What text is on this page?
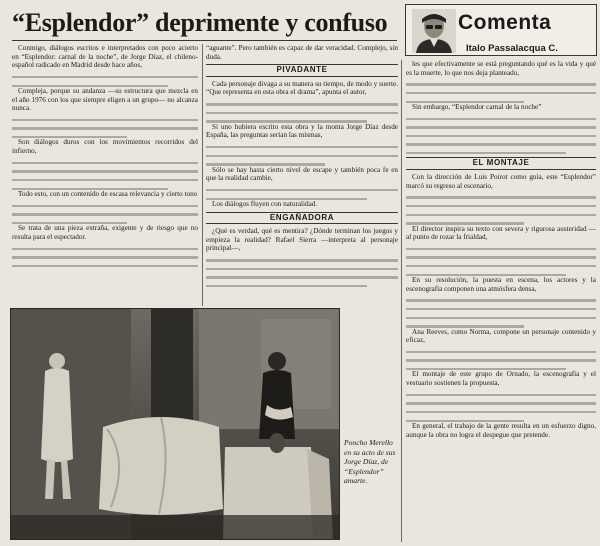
“Esplendor” deprimente y confuso	Comenta
Italo Passalacqua C.

Conmigo, diálogos escritos e interpretados con poco acierto en “Esplendor: carnal de la noche”, de Jorge Díaz, el chileno-español radicado en Madrid desde hace años,

Compleja, porque su andanza —su estructura que mezcla en el año 1976 con los que siempre eligen a un grupo— no alcanza nunca.

Son diálogos duros con los movimientos recorridos del infierno,

Todo esto, con un contenido de escasa relevancia y cierto tono

Se trata de una pieza extraña, exigente y de riesgo que no resulta para el espectador.

“aguante”. Pero también es capaz de dar veracidad. Complejo, sin duda.

PIVADANTE

Cada personaje divaga a su manera su tiempo, de modo y suerte. “Que representa en esta obra el drama”, apunta el autor,

Si uno hubiera escrito esta obra y la monta Jorge Díaz desde España, las preguntas serían las mismas,

Sólo se hay hasta cierto nivel de escape y también poca fe en que la realidad cambie,

Los diálogos fluyen con naturalidad.

ENGAÑADORA

¿Qué es verdad, qué es mentira? ¿Dónde terminan los juegos y empieza la realidad? Rafael Sierra —interpreta al personaje principal—,

les que efectivamente se está preguntando qué es la vida y qué es la muerte, lo que nos deja planteado,

Sin embargo, “Esplendor carnal de la noche”

EL MONTAJE

Con la dirección de Luis Poirot como guía, este “Esplendor” marcó su regreso al escenario,

El director inspira su texto con severa y rigurosa austeridad —al punto de rozar la frialdad,

En su resolución, la puesta en escena, los actores y la escenografía componen una atmósfera densa,

Ana Reeves, como Norma, compone un personaje contenido y eficaz,

El montaje de este grupo de Ornado, la escenografía y el vestuario sostienen la propuesta,

En general, el trabajo de la gente resulta en un esfuerzo digno, aunque la obra no logra el despegue que pretende.

Poncho Merello en su acto de sus Jorge Díaz, de “Esplendor” amarte.
